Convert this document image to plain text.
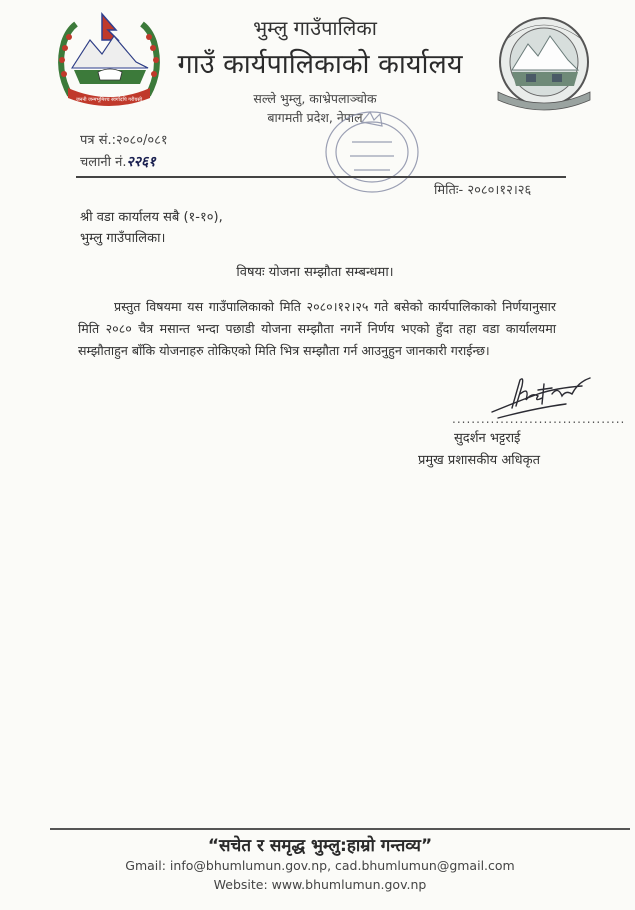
जननी जन्मभूमिश्च स्वर्गादपि गरीयसी
भुम्लु गाउँपालिका
गाउँ कार्यपालिकाको कार्यालय
सल्ले भुम्लु, काभ्रेपलाञ्चोक
बागमती प्रदेश, नेपाल
पत्र सं.:२०८०/०८१
चलानी नं.२२६१
मितिः- २०८०।१२।२६
श्री वडा कार्यालय सबै (१-१०),
भुम्लु गाउँपालिका।
विषयः योजना सम्झौता सम्बन्धमा।
प्रस्तुत विषयमा यस गाउँपालिकाको मिति २०८०।१२।२५ गते बसेको कार्यपालिकाको निर्णयानुसार मिति २०८० चैत्र मसान्त भन्दा पछाडी योजना सम्झौता नगर्ने निर्णय भएको हुँदा तहा वडा कार्यालयमा सम्झौताहुन बाँकि योजनाहरु तोकिएको मिति भित्र सम्झौता गर्न आउनुहुन जानकारी गराईन्छ।
....................................
सुदर्शन भट्टराई
प्रमुख प्रशासकीय अधिकृत
“सचेत र समृद्ध भुम्लु:हाम्रो गन्तव्य”
Gmail: info@bhumlumun.gov.np, cad.bhumlumun@gmail.com
Website: www.bhumlumun.gov.np
